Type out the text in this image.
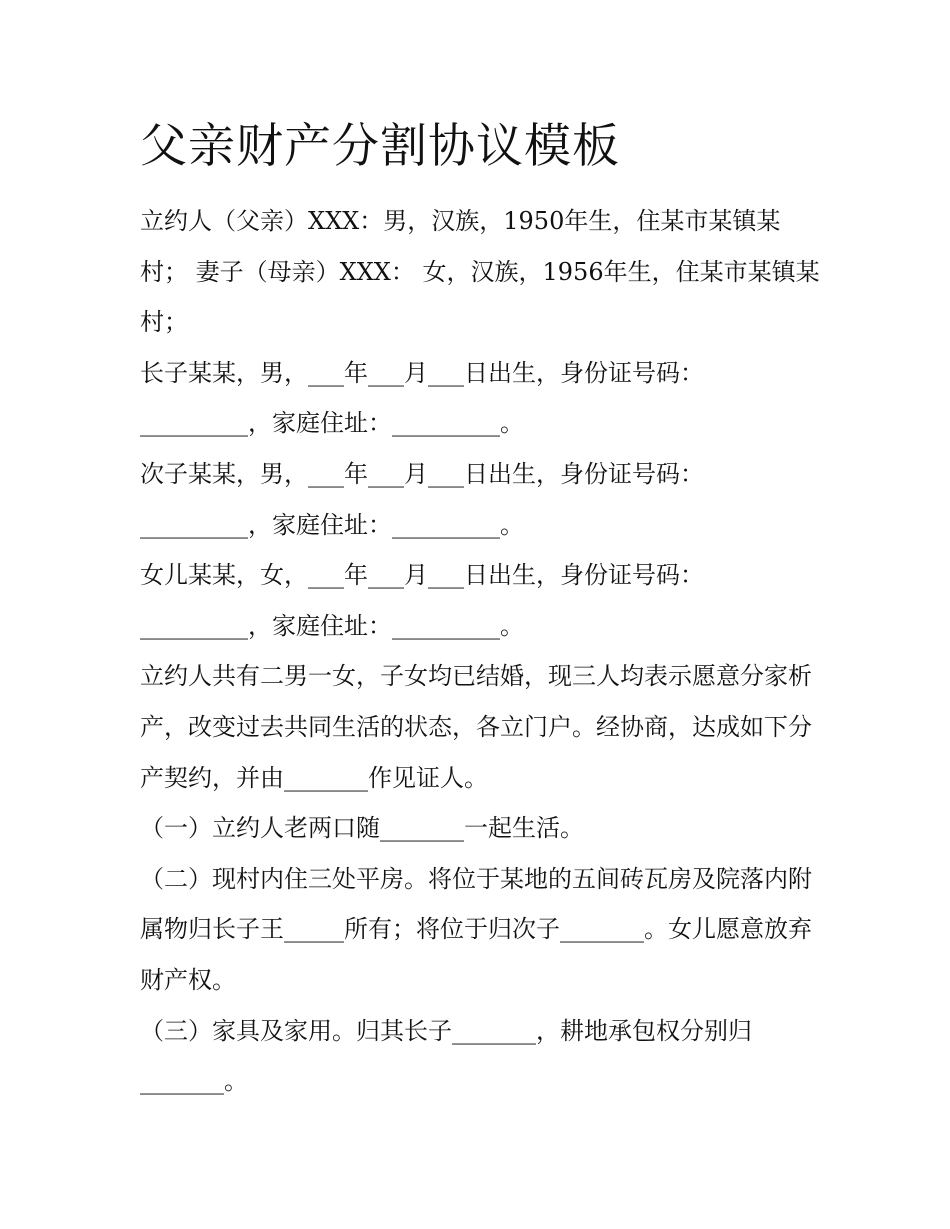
父亲财产分割协议模板

立约人（父亲）XXX：男，汉族，1950年生，住某市某镇某村； 妻子（母亲）XXX： 女，汉族，1956年生，住某市某镇某村；

长子某某，男，___年___月___日出生，身份证号码：_________，家庭住址：_________。

次子某某，男，___年___月___日出生，身份证号码：_________，家庭住址：_________。

女儿某某，女，___年___月___日出生，身份证号码：_________，家庭住址：_________。

立约人共有二男一女，子女均已结婚，现三人均表示愿意分家析产，改变过去共同生活的状态，各立门户。经协商，达成如下分产契约，并由_______作见证人。

（一）立约人老两口随_______一起生活。

（二）现村内住三处平房。将位于某地的五间砖瓦房及院落内附属物归长子王_____所有；将位于归次子_______。女儿愿意放弃财产权。

（三）家具及家用。归其长子_______，耕地承包权分别归_______。
